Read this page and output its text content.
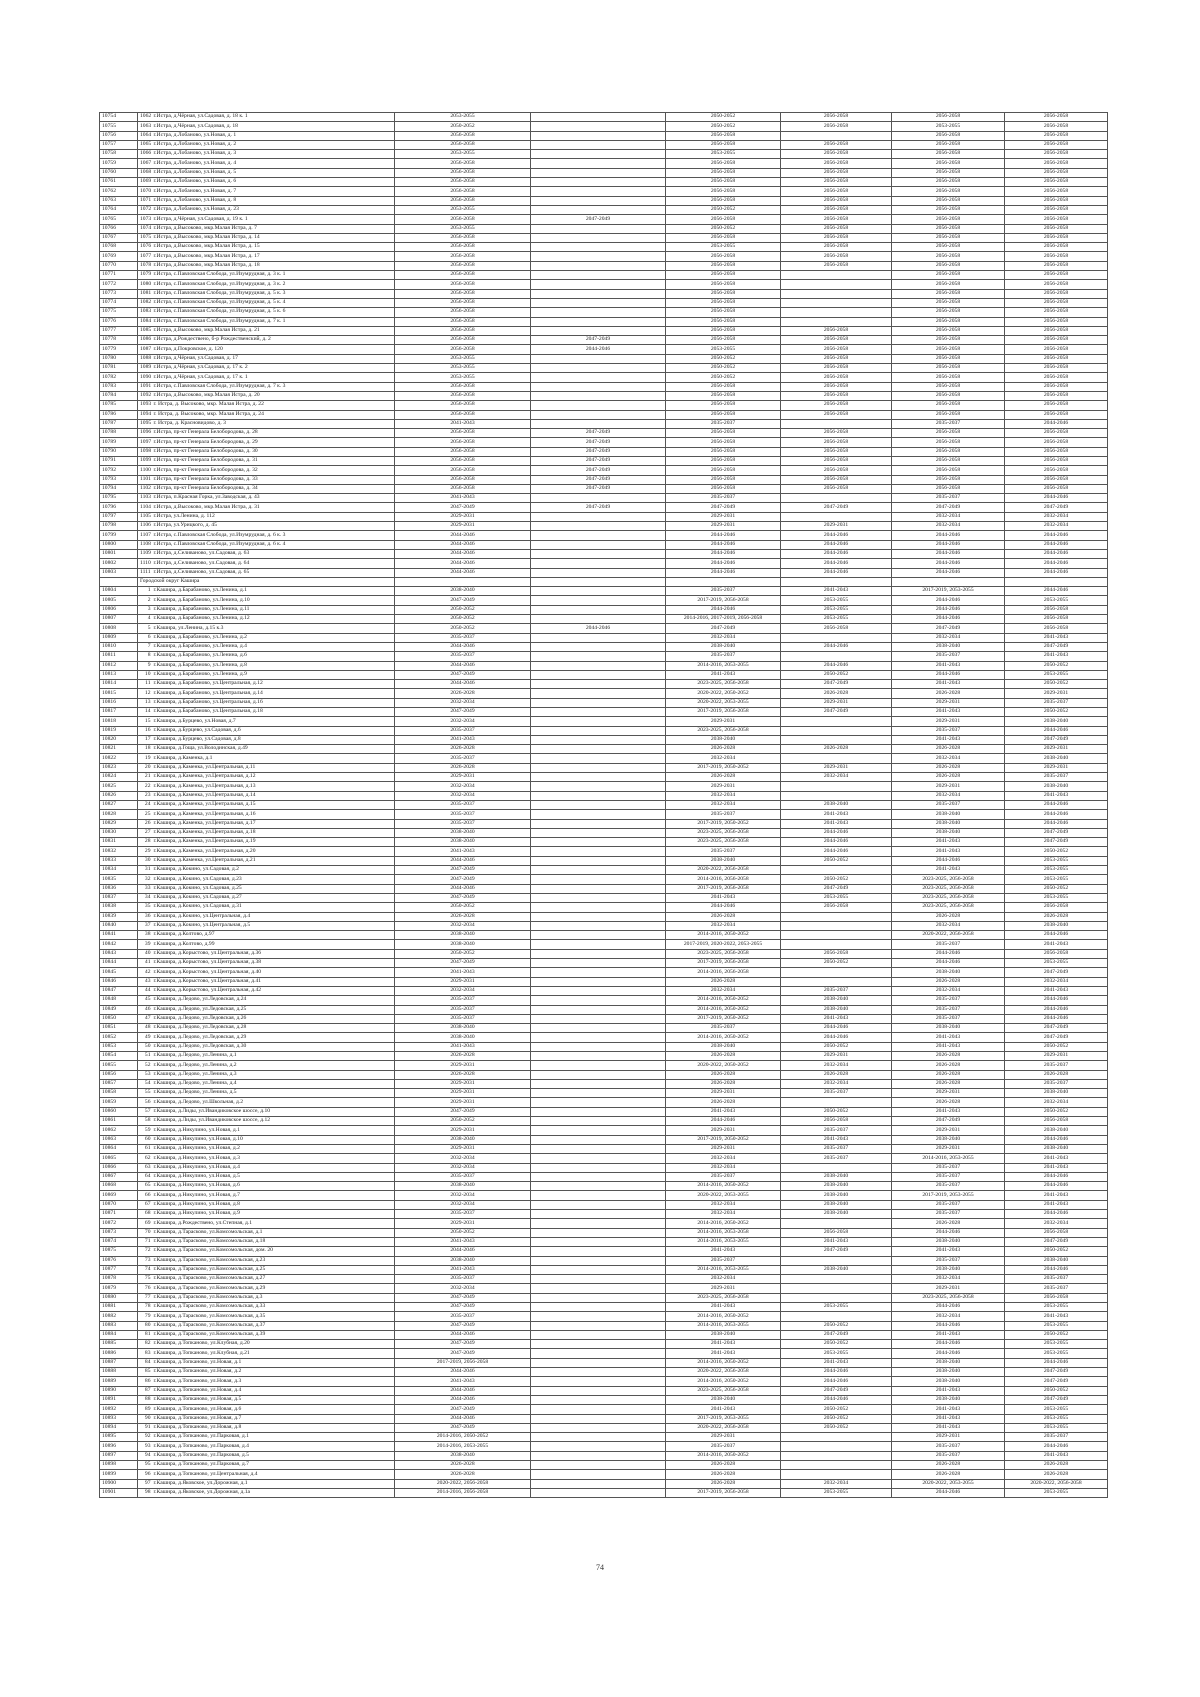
10754	1062	г.Истра, д.Чёрная, ул.Садовая, д. 18 к. 1	2053-2055		2050-2052	2056-2058	2056-2058	2056-2058
10755	1063	г.Истра, д.Чёрная, ул.Садовая, д. 18	2050-2052		2050-2052	2056-2058	2053-2055	2056-2058
10756	1064	г.Истра, д.Лобаново, ул.Новая, д. 1	2056-2058		2056-2058		2056-2058	2056-2058
10757	1065	г.Истра, д.Лобаново, ул.Новая, д. 2	2056-2058		2056-2058	2056-2058	2056-2058	2056-2058
10758	1066	г.Истра, д.Лобаново, ул.Новая, д. 3	2053-2055		2053-2055	2056-2058	2056-2058	2056-2058
10759	1067	г.Истра, д.Лобаново, ул.Новая, д. 4	2056-2058		2056-2058	2056-2058	2056-2058	2056-2058
10760	1068	г.Истра, д.Лобаново, ул.Новая, д. 5	2056-2058		2056-2058	2056-2058	2056-2058	2056-2058
10761	1069	г.Истра, д.Лобаново, ул.Новая, д. 6	2056-2058		2056-2058	2056-2058	2056-2058	2056-2058
10762	1070	г.Истра, д.Лобаново, ул.Новая, д. 7	2056-2058		2056-2058	2056-2058	2056-2058	2056-2058
10763	1071	г.Истра, д.Лобаново, ул.Новая, д. 8	2056-2058		2056-2058	2056-2058	2056-2058	2056-2058
10764	1072	г.Истра, д.Лобаново, ул.Новая, д. 23	2053-2055		2050-2052	2056-2058	2056-2058	2056-2058
10765	1073	г.Истра, д.Чёрная, ул.Садовая, д. 19 к. 1	2056-2058	2047-2049	2056-2058	2056-2058	2056-2058	2056-2058
10766	1074	г.Истра, д.Высоково, мкр.Малая Истра, д. 7	2053-2055		2050-2052	2056-2058	2056-2058	2056-2058
10767	1075	г.Истра, д.Высоково, мкр.Малая Истра, д. 14	2056-2058		2056-2058	2056-2058	2056-2058	2056-2058
10768	1076	г.Истра, д.Высоково, мкр.Малая Истра, д. 15	2056-2058		2053-2055	2056-2058	2056-2058	2056-2058
10769	1077	г.Истра, д.Высоково, мкр.Малая Истра, д. 17	2056-2058		2056-2058	2056-2058	2056-2058	2056-2058
10770	1078	г.Истра, д.Высоково, мкр.Малая Истра, д. 18	2056-2058		2056-2058	2056-2058	2056-2058	2056-2058
10771	1079	г.Истра, с.Павловская Слобода, ул.Изумрудная, д. 3 к. 1	2056-2058		2056-2058		2056-2058	2056-2058
10772	1080	г.Истра, с.Павловская Слобода, ул.Изумрудная, д. 3 к. 2	2056-2058		2056-2058		2056-2058	2056-2058
10773	1081	г.Истра, с.Павловская Слобода, ул.Изумрудная, д. 5 к. 3	2056-2058		2056-2058		2056-2058	2056-2058
10774	1082	г.Истра, с.Павловская Слобода, ул.Изумрудная, д. 5 к. 4	2056-2058		2056-2058		2056-2058	2056-2058
10775	1083	г.Истра, с.Павловская Слобода, ул.Изумрудная, д. 5 к. 6	2056-2058		2056-2058		2056-2058	2056-2058
10776	1084	г.Истра, с.Павловская Слобода, ул.Изумрудная, д. 7 к. 1	2056-2058		2056-2058		2056-2058	2056-2058
10777	1085	г.Истра, д.Высоково, мкр.Малая Истра, д. 21	2056-2058		2056-2058	2056-2058	2056-2058	2056-2058
10778	1086	г.Истра, д.Рождествено, б-р Рождественский, д. 2	2056-2058	2047-2049	2056-2058	2056-2058	2056-2058	2056-2058
10779	1087	г.Истра, д.Покровское, д. 120	2056-2058	2044-2046	2053-2055	2056-2058	2056-2058	2056-2058
10780	1088	г.Истра, д.Чёрная, ул.Садовая, д. 17	2053-2055		2050-2052	2056-2058	2056-2058	2056-2058
10781	1089	г.Истра, д.Чёрная, ул.Садовая, д. 17 к. 2	2053-2055		2050-2052	2056-2058	2056-2058	2056-2058
10782	1090	г.Истра, д.Чёрная, ул.Садовая, д. 17 к. 1	2053-2055		2050-2052	2056-2058	2056-2058	2056-2058
10783	1091	г.Истра, с.Павловская Слобода, ул.Изумрудная, д. 7 к. 3	2056-2058		2056-2058	2056-2058	2056-2058	2056-2058
10784	1092	г.Истра, д.Высоково, мкр.Малая Истра, д. 20	2056-2058		2056-2058	2056-2058	2056-2058	2056-2058
10785	1093	г. Истра, д. Высоково, мкр. Малая Истра, д. 22	2056-2058		2056-2058	2056-2058	2056-2058	2056-2058
10786	1094	г. Истра, д. Высоково, мкр. Малая Истра, д. 24	2056-2058		2056-2058	2056-2058	2056-2058	2056-2058
10787	1095	г. Истра, д. Красновидово, д. 3	2041-2043		2035-2037		2035-2037	2044-2046
10788	1096	г.Истра, пр-кт Генерала Белобородова, д. 28	2056-2058	2047-2049	2056-2058	2056-2058	2056-2058	2056-2058
10789	1097	г.Истра, пр-кт Генерала Белобородова, д. 29	2056-2058	2047-2049	2056-2058	2056-2058	2056-2058	2056-2058
10790	1098	г.Истра, пр-кт Генерала Белобородова, д. 30	2056-2058	2047-2049	2056-2058	2056-2058	2056-2058	2056-2058
10791	1099	г.Истра, пр-кт Генерала Белобородова, д. 31	2056-2058	2047-2049	2056-2058	2056-2058	2056-2058	2056-2058
10792	1100	г.Истра, пр-кт Генерала Белобородова, д. 32	2056-2058	2047-2049	2056-2058	2056-2058	2056-2058	2056-2058
10793	1101	г.Истра, пр-кт Генерала Белобородова, д. 33	2056-2058	2047-2049	2056-2058	2056-2058	2056-2058	2056-2058
10794	1102	г.Истра, пр-кт Генерала Белобородова, д. 34	2056-2058	2047-2049	2056-2058	2056-2058	2056-2058	2056-2058
10795	1103	г.Истра, п.Красная Горка, ул.Заводская, д. 43	2041-2043		2035-2037		2035-2037	2044-2046
10796	1104	г.Истра, д.Высоково, мкр.Малая Истра, д. 31	2047-2049	2047-2049	2047-2049	2047-2049	2047-2049	2047-2049
10797	1105	г.Истра, ул.Ленина, д. 112	2029-2031		2029-2031		2032-2034	2032-2034
10798	1106	г.Истра, ул.Урицкого, д. 45	2029-2031		2029-2031	2029-2031	2032-2034	2032-2034
10799	1107	г.Истра, с.Павловская Слобода, ул.Изумрудная, д. 6 к. 3	2044-2046		2044-2046	2044-2046	2044-2046	2044-2046
10800	1108	г.Истра, с.Павловская Слобода, ул.Изумрудная, д. 6 к. 4	2044-2046		2044-2046	2044-2046	2044-2046	2044-2046
10801	1109	г.Истра, д.Селиваново, ул.Садовая, д. 63	2044-2046		2044-2046	2044-2046	2044-2046	2044-2046
10802	1110	г.Истра, д.Селиваново, ул.Садовая, д. 64	2044-2046		2044-2046	2044-2046	2044-2046	2044-2046
10803	1111	г.Истра, д.Селиваново, ул.Садовая, д. 65	2044-2046		2044-2046	2044-2046	2044-2046	2044-2046
	Городской округ Кашира							
10804	1	г.Кашира, д.Барабаново, ул.Ленина, д.1	2038-2040		2035-2037	2041-2043	2017-2019, 2053-2055	2044-2046
10805	2	г.Кашира, д.Барабаново, ул.Ленина, д.10	2047-2049		2017-2019, 2056-2058	2053-2055	2044-2046	2053-2055
10806	3	г.Кашира, д.Барабаново, ул.Ленина, д.11	2050-2052		2044-2046	2053-2055	2044-2046	2056-2058
10807	4	г.Кашира, д.Барабаново, ул.Ленина, д.12	2050-2052		2014-2016, 2017-2019, 2056-2058	2053-2055	2044-2046	2056-2058
10808	5	г.Кашира, ул.Ленина, д.15 к.3	2050-2052	2044-2046	2047-2049	2056-2058	2047-2049	2056-2058
10809	6	г.Кашира, д.Барабаново, ул.Ленина, д.2	2035-2037		2032-2034		2032-2034	2041-2043
10810	7	г.Кашира, д.Барабаново, ул.Ленина, д.4	2044-2046		2038-2040	2044-2046	2038-2040	2047-2049
10811	8	г.Кашира, д.Барабаново, ул.Ленина, д.6	2035-2037		2035-2037		2035-2037	2041-2043
10812	9	г.Кашира, д.Барабаново, ул.Ленина, д.8	2044-2046		2014-2016, 2053-2055	2044-2046	2041-2043	2050-2052
10813	10	г.Кашира, д.Барабаново, ул.Ленина, д.9	2047-2049		2041-2043	2050-2052	2044-2046	2053-2055
10814	11	г.Кашира, д.Барабаново, ул.Центральная, д.12	2044-2046		2023-2025, 2056-2058	2047-2049	2041-2043	2050-2052
10815	12	г.Кашира, д.Барабаново, ул.Центральная, д.14	2026-2028		2020-2022, 2050-2052	2026-2028	2026-2028	2029-2031
10816	13	г.Кашира, д.Барабаново, ул.Центральная, д.16	2032-2034		2020-2022, 2053-2055	2029-2031	2029-2031	2035-2037
10817	14	г.Кашира, д.Барабаново, ул.Центральная, д.18	2047-2049		2017-2019, 2056-2058	2047-2049	2041-2043	2050-2052
10818	15	г.Кашира, д.Бурцево, ул.Новая, д.7	2032-2034		2029-2031		2029-2031	2038-2040
10819	16	г.Кашира, д.Бурцево, ул.Садовая, д.6	2035-2037		2023-2025, 2056-2058		2035-2037	2044-2046
10820	17	г.Кашира, д.Бурцево, ул.Садовая, д.8	2041-2043		2038-2040		2041-2043	2047-2049
10821	18	г.Кашира, д.Гоща, ул.Володинская, д.49	2026-2028		2026-2028	2026-2028	2026-2028	2029-2031
10822	19	г.Кашира, д.Каменка, д.1	2035-2037		2032-2034		2032-2034	2038-2040
10823	20	г.Кашира, д.Каменка, ул.Центральная, д.11	2026-2028		2017-2019, 2050-2052	2029-2031	2026-2028	2029-2031
10824	21	г.Кашира, д.Каменка, ул.Центральная, д.12	2029-2031		2026-2028	2032-2034	2026-2028	2035-2037
10825	22	г.Кашира, д.Каменка, ул.Центральная, д.13	2032-2034		2029-2031		2029-2031	2038-2040
10826	23	г.Кашира, д.Каменка, ул.Центральная, д.14	2032-2034		2032-2034		2032-2034	2041-2043
10827	24	г.Кашира, д.Каменка, ул.Центральная, д.15	2035-2037		2032-2034	2038-2040	2035-2037	2044-2046
10828	25	г.Кашира, д.Каменка, ул.Центральная, д.16	2035-2037		2035-2037	2041-2043	2038-2040	2044-2046
10829	26	г.Кашира, д.Каменка, ул.Центральная, д.17	2035-2037		2017-2019, 2050-2052	2041-2043	2038-2040	2044-2046
10830	27	г.Кашира, д.Каменка, ул.Центральная, д.18	2038-2040		2023-2025, 2056-2058	2044-2046	2038-2040	2047-2049
10831	28	г.Кашира, д.Каменка, ул.Центральная, д.19	2038-2040		2023-2025, 2056-2058	2044-2046	2041-2043	2047-2049
10832	29	г.Кашира, д.Каменка, ул.Центральная, д.20	2041-2043		2035-2037	2044-2046	2041-2043	2050-2052
10833	30	г.Кашира, д.Каменка, ул.Центральная, д.21	2044-2046		2038-2040	2050-2052	2044-2046	2053-2055
10834	31	г.Кашира, д.Кокино, ул.Садовая, д.2	2047-2049		2020-2022, 2056-2058		2041-2043	2053-2055
10835	32	г.Кашира, д.Кокино, ул.Садовая, д.23	2047-2049		2014-2016, 2056-2058	2050-2052	2023-2025, 2056-2058	2053-2055
10836	33	г.Кашира, д.Кокино, ул.Садовая, д.25	2044-2046		2017-2019, 2056-2058	2047-2049	2023-2025, 2056-2058	2050-2052
10837	34	г.Кашира, д.Кокино, ул.Садовая, д.27	2047-2049		2041-2043	2053-2055	2023-2025, 2056-2058	2053-2055
10838	35	г.Кашира, д.Кокино, ул.Садовая, д.31	2050-2052		2044-2046	2056-2058	2023-2025, 2056-2058	2056-2058
10839	36	г.Кашира, д.Кокино, ул.Центральная, д.4	2026-2028		2026-2028		2026-2028	2026-2028
10840	37	г.Кашира, д.Кокино, ул.Центральная, д.5	2032-2034		2032-2034		2032-2034	2038-2040
10841	38	г.Кашира, д.Колтово, д.97	2038-2040		2014-2016, 2050-2052		2020-2022, 2056-2058	2044-2046
10842	39	г.Кашира, д.Колтово, д.99	2038-2040		2017-2019, 2020-2022, 2053-2055		2035-2037	2041-2043
10843	40	г.Кашира, д.Корыстово, ул.Центральная, д.36	2050-2052		2023-2025, 2056-2058	2056-2058	2044-2046	2056-2058
10844	41	г.Кашира, д.Корыстово, ул.Центральная, д.38	2047-2049		2017-2019, 2056-2058	2050-2052	2044-2046	2053-2055
10845	42	г.Кашира, д.Корыстово, ул.Центральная, д.40	2041-2043		2014-2016, 2056-2058		2038-2040	2047-2049
10846	43	г.Кашира, д.Корыстово, ул.Центральная, д.41	2029-2031		2026-2028		2026-2028	2032-2034
10847	44	г.Кашира, д.Корыстово, ул.Центральная, д.42	2032-2034		2032-2034	2035-2037	2032-2034	2041-2043
10848	45	г.Кашира, д.Ледово, ул.Ледовская, д.24	2035-2037		2014-2016, 2050-2052	2038-2040	2035-2037	2044-2046
10849	46	г.Кашира, д.Ледово, ул.Ледовская, д.25	2035-2037		2014-2016, 2050-2052	2038-2040	2035-2037	2044-2046
10850	47	г.Кашира, д.Ледово, ул.Ледовская, д.26	2035-2037		2017-2019, 2050-2052	2041-2043	2035-2037	2044-2046
10851	48	г.Кашира, д.Ледово, ул.Ледовская, д.28	2038-2040		2035-2037	2044-2046	2038-2040	2047-2049
10852	49	г.Кашира, д.Ледово, ул.Ледовская, д.29	2038-2040		2014-2016, 2050-2052	2044-2046	2041-2043	2047-2049
10853	50	г.Кашира, д.Ледово, ул.Ледовская, д.30	2041-2043		2038-2040	2050-2052	2041-2043	2050-2052
10854	51	г.Кашира, д.Ледово, ул.Ленина, д.1	2026-2028		2026-2028	2029-2031	2026-2028	2029-2031
10855	52	г.Кашира, д.Ледово, ул.Ленина, д.2	2029-2031		2020-2022, 2050-2052	2032-2034	2026-2028	2035-2037
10856	53	г.Кашира, д.Ледово, ул.Ленина, д.3	2026-2028		2026-2028	2026-2028	2026-2028	2026-2028
10857	54	г.Кашира, д.Ледово, ул.Ленина, д.4	2029-2031		2026-2028	2032-2034	2026-2028	2035-2037
10858	55	г.Кашира, д.Ледово, ул.Ленина, д.5	2029-2031		2029-2031	2035-2037	2029-2031	2038-2040
10859	56	г.Кашира, д.Ледово, ул.Школьная, д.2	2029-2031		2026-2028		2026-2028	2032-2034
10860	57	г.Кашира, д.Лиды, ул.Ивандиковское шоссе, д.10	2047-2049		2041-2043	2050-2052	2041-2043	2050-2052
10861	58	г.Кашира, д.Лиды, ул.Ивандиковское шоссе, д.12	2050-2052		2044-2046	2056-2058	2047-2049	2056-2058
10862	59	г.Кашира, д.Никулино, ул.Новая, д.1	2029-2031		2029-2031	2035-2037	2029-2031	2038-2040
10863	60	г.Кашира, д.Никулино, ул.Новая, д.10	2038-2040		2017-2019, 2050-2052	2041-2043	2038-2040	2044-2046
10864	61	г.Кашира, д.Никулино, ул.Новая, д.2	2029-2031		2029-2031	2035-2037	2029-2031	2038-2040
10865	62	г.Кашира, д.Никулино, ул.Новая, д.3	2032-2034		2032-2034	2035-2037	2014-2016, 2053-2055	2041-2043
10866	63	г.Кашира, д.Никулино, ул.Новая, д.4	2032-2034		2032-2034		2035-2037	2041-2043
10867	64	г.Кашира, д.Никулино, ул.Новая, д.5	2035-2037		2035-2037	2038-2040	2035-2037	2044-2046
10868	65	г.Кашира, д.Никулино, ул.Новая, д.6	2038-2040		2014-2016, 2050-2052	2038-2040	2035-2037	2044-2046
10869	66	г.Кашира, д.Никулино, ул.Новая, д.7	2032-2034		2020-2022, 2053-2055	2038-2040	2017-2019, 2053-2055	2041-2043
10870	67	г.Кашира, д.Никулино, ул.Новая, д.8	2032-2034		2032-2034	2038-2040	2035-2037	2041-2043
10871	68	г.Кашира, д.Никулино, ул.Новая, д.9	2035-2037		2032-2034	2038-2040	2035-2037	2044-2046
10872	69	г.Кашира, д.Рождествено, ул.Степная, д.1	2029-2031		2014-2016, 2050-2052		2026-2028	2032-2034
10873	70	г.Кашира, д.Тарасково, ул.Комсомольская, д.1	2050-2052		2014-2016, 2053-2058	2056-2058	2044-2046	2056-2058
10874	71	г.Кашира, д.Тарасково, ул.Комсомольская, д.18	2041-2043		2014-2016, 2053-2055	2041-2043	2038-2040	2047-2049
10875	72	г.Кашира, д.Тарасково, ул.Комсомольская, дом. 20	2044-2046		2041-2043	2047-2049	2041-2043	2050-2052
10876	73	г.Кашира, д.Тарасково, ул.Комсомольская, д.23	2038-2040		2035-2037		2035-2037	2038-2040
10877	74	г.Кашира, д.Тарасково, ул.Комсомольская, д.25	2041-2043		2014-2016, 2053-2055	2038-2040	2038-2040	2044-2046
10878	75	г.Кашира, д.Тарасково, ул.Комсомольская, д.27	2035-2037		2032-2034		2032-2034	2035-2037
10879	76	г.Кашира, д.Тарасково, ул.Комсомольская, д.29	2032-2034		2029-2031		2029-2031	2035-2037
10880	77	г.Кашира, д.Тарасково, ул.Комсомольская, д.3	2047-2049		2023-2025, 2056-2058		2023-2025, 2056-2058	2056-2058
10881	78	г.Кашира, д.Тарасково, ул.Комсомольская, д.33	2047-2049		2041-2043	2053-2055	2044-2046	2053-2055
10882	79	г.Кашира, д.Тарасково, ул.Комсомольская, д.35	2035-2037		2014-2016, 2050-2052		2032-2034	2041-2043
10883	80	г.Кашира, д.Тарасково, ул.Комсомольская, д.37	2047-2049		2014-2016, 2053-2055	2050-2052	2044-2046	2053-2055
10884	81	г.Кашира, д.Тарасково, ул.Комсомольская, д.39	2044-2046		2038-2040	2047-2049	2041-2043	2050-2052
10885	82	г.Кашира, д.Топканово, ул.Клубная, д.20	2047-2049		2041-2043	2050-2052	2044-2046	2053-2055
10886	83	г.Кашира, д.Топканово, ул.Клубная, д.21	2047-2049		2041-2043	2053-2055	2044-2046	2053-2055
10887	84	г.Кашира, д.Топканово, ул.Новая, д.1	2017-2019, 2056-2058		2014-2016, 2050-2052	2041-2043	2038-2040	2044-2046
10888	85	г.Кашира, д.Топканово, ул.Новая, д.2	2044-2046		2020-2022, 2056-2058	2044-2046	2038-2040	2047-2049
10889	86	г.Кашира, д.Топканово, ул.Новая, д.3	2041-2043		2014-2016, 2050-2052	2044-2046	2038-2040	2047-2049
10890	87	г.Кашира, д.Топканово, ул.Новая, д.4	2044-2046		2023-2025, 2056-2058	2047-2049	2041-2043	2050-2052
10891	88	г.Кашира, д.Топканово, ул.Новая, д.5	2044-2046		2038-2040	2044-2046	2038-2040	2047-2049
10892	89	г.Кашира, д.Топканово, ул.Новая, д.6	2047-2049		2041-2043	2050-2052	2041-2043	2053-2055
10893	90	г.Кашира, д.Топканово, ул.Новая, д.7	2044-2046		2017-2019, 2053-2055	2050-2052	2041-2043	2053-2055
10894	91	г.Кашира, д.Топканово, ул.Новая, д.8	2047-2049		2020-2022, 2056-2058	2050-2052	2041-2043	2053-2055
10895	92	г.Кашира, д.Топканово, ул.Парковая, д.1	2014-2016, 2050-2052		2029-2031		2029-2031	2035-2037
10896	93	г.Кашира, д.Топканово, ул.Парковая, д.4	2014-2016, 2053-2055		2035-2037		2035-2037	2044-2046
10897	94	г.Кашира, д.Топканово, ул.Парковая, д.5	2038-2040		2014-2016, 2050-2052		2035-2037	2041-2043
10898	95	г.Кашира, д.Топканово, ул.Парковая, д.7	2026-2028		2026-2028		2026-2028	2026-2028
10899	96	г.Кашира, д.Топканово, ул.Центральная, д.4	2026-2028		2026-2028		2026-2028	2026-2028
10900	97	г.Кашира, д.Яковское, ул.Дорожная, д.1	2020-2022, 2056-2058		2026-2028	2032-2034	2020-2022, 2053-2055	2020-2022, 2056-2058
10901	98	г.Кашира, д.Яковское, ул.Дорожная, д.1а	2014-2016, 2056-2058		2017-2019, 2056-2058	2053-2055	2044-2046	2053-2055
74
